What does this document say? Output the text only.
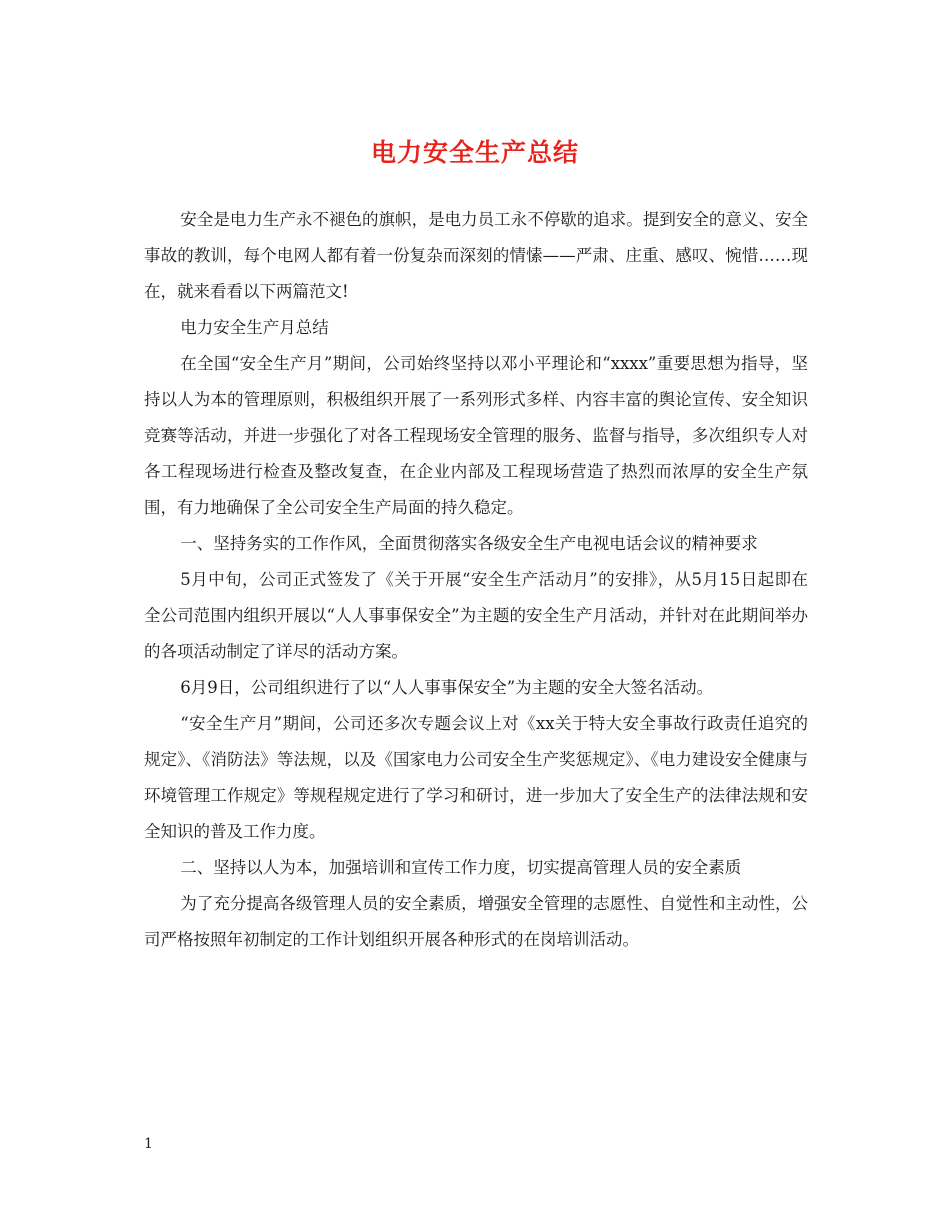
电力安全生产总结

安全是电力生产永不褪色的旗帜，是电力员工永不停歇的追求。提到安全的意义、安全事故的教训，每个电网人都有着一份复杂而深刻的情愫——严肃、庄重、感叹、惋惜……现在，就来看看以下两篇范文!

电力安全生产月总结

在全国“安全生产月”期间，公司始终坚持以邓小平理论和“xxxx”重要思想为指导，坚持以人为本的管理原则，积极组织开展了一系列形式多样、内容丰富的舆论宣传、安全知识竞赛等活动，并进一步强化了对各工程现场安全管理的服务、监督与指导，多次组织专人对各工程现场进行检查及整改复查，在企业内部及工程现场营造了热烈而浓厚的安全生产氛围，有力地确保了全公司安全生产局面的持久稳定。

一、坚持务实的工作作风，全面贯彻落实各级安全生产电视电话会议的精神要求

5月中旬，公司正式签发了《关于开展“安全生产活动月”的安排》，从5月15日起即在全公司范围内组织开展以“人人事事保安全”为主题的安全生产月活动，并针对在此期间举办的各项活动制定了详尽的活动方案。

6月9日，公司组织进行了以“人人事事保安全”为主题的安全大签名活动。

“安全生产月”期间，公司还多次专题会议上对《xx关于特大安全事故行政责任追究的规定》、《消防法》等法规，以及《国家电力公司安全生产奖惩规定》、《电力建设安全健康与环境管理工作规定》等规程规定进行了学习和研讨，进一步加大了安全生产的法律法规和安全知识的普及工作力度。

二、坚持以人为本，加强培训和宣传工作力度，切实提高管理人员的安全素质

为了充分提高各级管理人员的安全素质，增强安全管理的志愿性、自觉性和主动性，公司严格按照年初制定的工作计划组织开展各种形式的在岗培训活动。

1
